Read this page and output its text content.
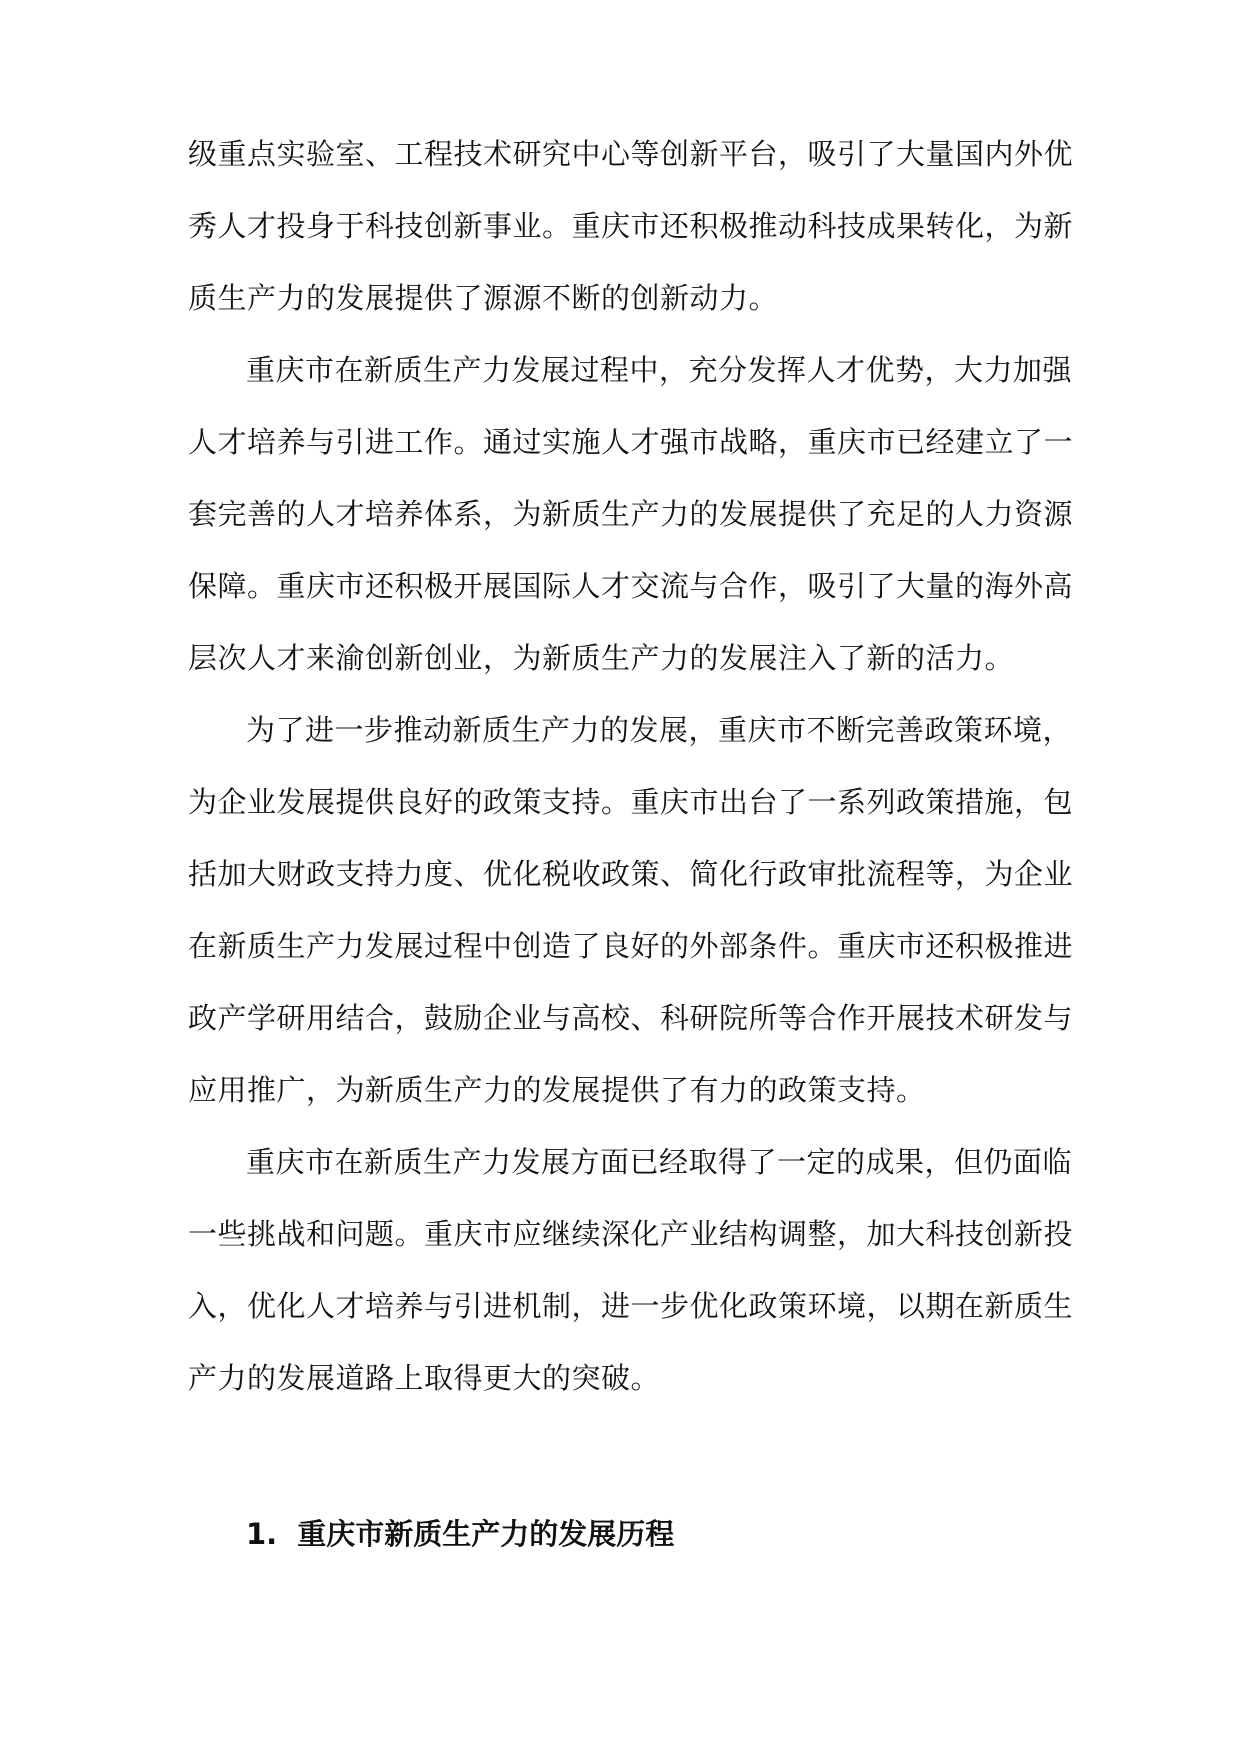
级重点实验室、工程技术研究中心等创新平台，吸引了大量国内外优
秀人才投身于科技创新事业。重庆市还积极推动科技成果转化，为新
质生产力的发展提供了源源不断的创新动力。
重庆市在新质生产力发展过程中，充分发挥人才优势，大力加强
人才培养与引进工作。通过实施人才强市战略，重庆市已经建立了一
套完善的人才培养体系，为新质生产力的发展提供了充足的人力资源
保障。重庆市还积极开展国际人才交流与合作，吸引了大量的海外高
层次人才来渝创新创业，为新质生产力的发展注入了新的活力。
为了进一步推动新质生产力的发展，重庆市不断完善政策环境，
为企业发展提供良好的政策支持。重庆市出台了一系列政策措施，包
括加大财政支持力度、优化税收政策、简化行政审批流程等，为企业
在新质生产力发展过程中创造了良好的外部条件。重庆市还积极推进
政产学研用结合，鼓励企业与高校、科研院所等合作开展技术研发与
应用推广，为新质生产力的发展提供了有力的政策支持。
重庆市在新质生产力发展方面已经取得了一定的成果，但仍面临
一些挑战和问题。重庆市应继续深化产业结构调整，加大科技创新投
入，优化人才培养与引进机制，进一步优化政策环境，以期在新质生
产力的发展道路上取得更大的突破。
1. 重庆市新质生产力的发展历程
